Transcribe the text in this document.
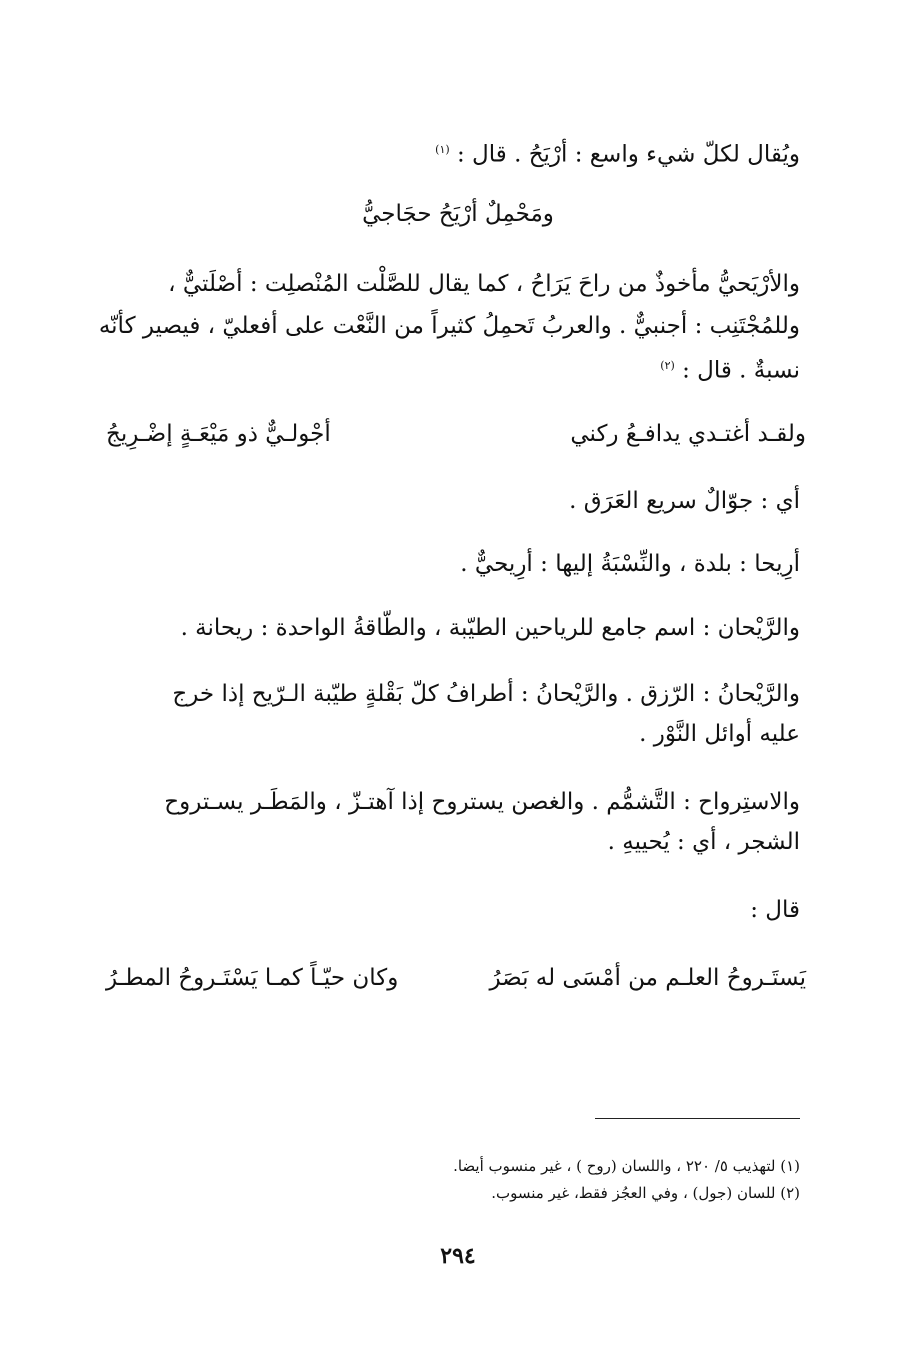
ويُقال لكلّ شيء واسع : أرْيَحُ . قال : $^{(١)}$
ومَحْمِلٌ أرْيَحُ حجَاجيُّ
والأرْيَحيُّ مأخوذٌ من راحَ يَرَاحُ ، كما يقال للصَّلْت المُنْصلِت : أصْلَتيٌّ ،
وللمُجْتَنِب : أجنبيٌّ . والعربُ تَحمِلُ كثيراً من النَّعْت على أفعليّ ، فيصير كأنّه
نسبةٌ . قال : $^{(٢)}$
ولقـد أغتـدي يدافـعُ ركني
أجْولـيٌّ ذو مَيْعَـةٍ إضْـرِيجُ
أي : جوّالٌ سريع العَرَق .
أرِيحا : بلدة ، والنِّسْبَةُ إليها : أرِيحيٌّ .
والرَّيْحان : اسم جامع للرياحين الطيّبة ، والطّاقةُ الواحدة : ريحانة .
والرَّيْحانُ : الرّزق . والرَّيْحانُ : أطرافُ كلّ بَقْلةٍ طيّبة الـرّيح إذا خرج
عليه أوائل النَّوْر .
والاستِرواح : التَّشمُّم . والغصن يستروح إذا آهتـزّ ، والمَطَـر يسـتروح
الشجر ، أي : يُحييهِ .
قال :
يَستَـروحُ العلـم من أمْسَى له بَصَرُ
وكان حيّـاً كمـا يَسْتَـروحُ المطـرُ
(١) لتهذيب ٥/ ٢٢٠ ، واللسان (روح ) ، غير منسوب أيضا.
(٢) للسان (جول) ، وفي العجُز فقط، غير منسوب.
٢٩٤
